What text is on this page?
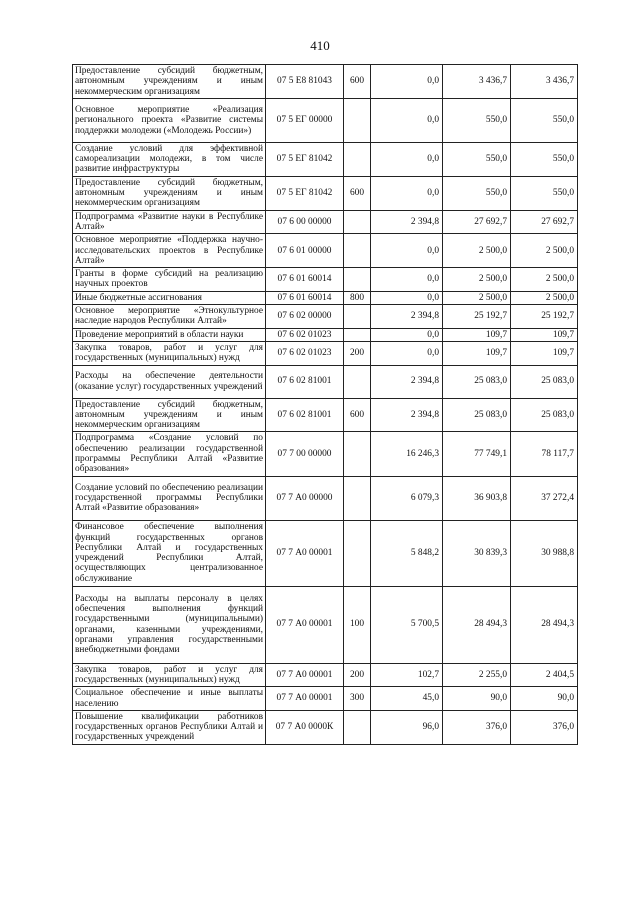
410
Предоставление субсидий бюджетным, автономным учреждениям и иным некоммерческим организациям	07 5 E8 81043	600	0,0	3 436,7	3 436,7
Основное мероприятие «Реализация регионального проекта «Развитие системы поддержки молодежи («Молодежь России»)	07 5 ЕГ 00000		0,0	550,0	550,0
Создание условий для эффективной самореализации молодежи, в том числе развитие инфраструктуры	07 5 ЕГ 81042		0,0	550,0	550,0
Предоставление субсидий бюджетным, автономным учреждениям и иным некоммерческим организациям	07 5 ЕГ 81042	600	0,0	550,0	550,0
Подпрограмма «Развитие науки в Республике Алтай»	07 6 00 00000		2 394,8	27 692,7	27 692,7
Основное мероприятие «Поддержка научно-исследовательских проектов в Республике Алтай»	07 6 01 00000		0,0	2 500,0	2 500,0
Гранты в форме субсидий на реализацию научных проектов	07 6 01 60014		0,0	2 500,0	2 500,0
Иные бюджетные ассигнования	07 6 01 60014	800	0,0	2 500,0	2 500,0
Основное мероприятие «Этнокультурное наследие народов Республики Алтай»	07 6 02 00000		2 394,8	25 192,7	25 192,7
Проведение мероприятий в области науки	07 6 02 01023		0,0	109,7	109,7
Закупка товаров, работ и услуг для государственных (муниципальных) нужд	07 6 02 01023	200	0,0	109,7	109,7
Расходы на обеспечение деятельности (оказание услуг) государственных учреждений	07 6 02 81001		2 394,8	25 083,0	25 083,0
Предоставление субсидий бюджетным, автономным учреждениям и иным некоммерческим организациям	07 6 02 81001	600	2 394,8	25 083,0	25 083,0
Подпрограмма «Создание условий по обеспечению реализации государственной программы Республики Алтай «Развитие образования»	07 7 00 00000		16 246,3	77 749,1	78 117,7
Создание условий по обеспечению реализации государственной программы Республики Алтай «Развитие образования»	07 7 А0 00000		6 079,3	36 903,8	37 272,4
Финансовое обеспечение выполнения функций государственных органов Республики Алтай и государственных учреждений Республики Алтай, осуществляющих централизованное обслуживание	07 7 А0 00001		5 848,2	30 839,3	30 988,8
Расходы на выплаты персоналу в целях обеспечения выполнения функций государственными (муниципальными) органами, казенными учреждениями, органами управления государственными внебюджетными фондами	07 7 А0 00001	100	5 700,5	28 494,3	28 494,3
Закупка товаров, работ и услуг для государственных (муниципальных) нужд	07 7 А0 00001	200	102,7	2 255,0	2 404,5
Социальное обеспечение и иные выплаты населению	07 7 А0 00001	300	45,0	90,0	90,0
Повышение квалификации работников государственных органов Республики Алтай и государственных учреждений	07 7 А0 0000К		96,0	376,0	376,0
